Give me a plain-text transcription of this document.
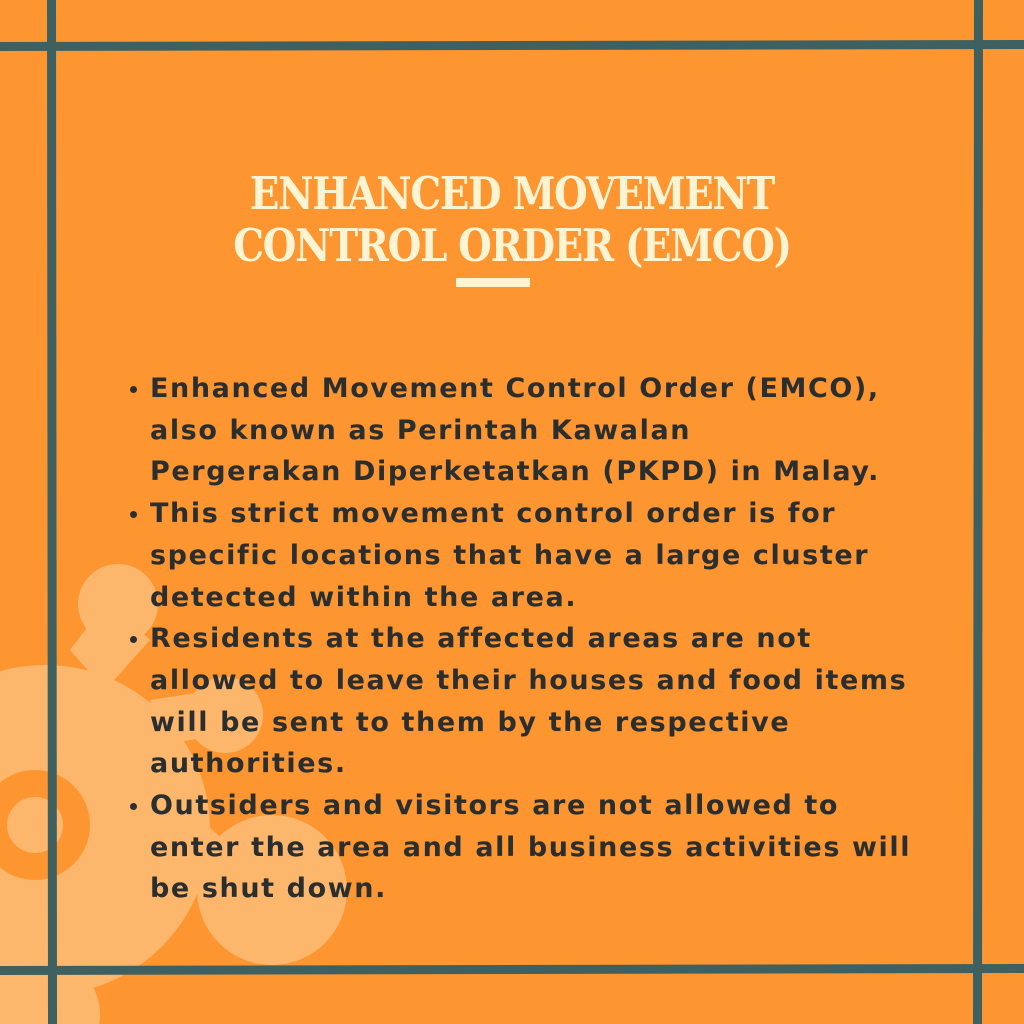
ENHANCED MOVEMENT
CONTROL ORDER (EMCO)
Enhanced Movement Control Order (EMCO),
also known as Perintah Kawalan
Pergerakan Diperketatkan (PKPD) in Malay.
This strict movement control order is for
specific locations that have a large cluster
detected within the area.
Residents at the affected areas are not
allowed to leave their houses and food items
will be sent to them by the respective
authorities.
Outsiders and visitors are not allowed to
enter the area and all business activities will
be shut down.
